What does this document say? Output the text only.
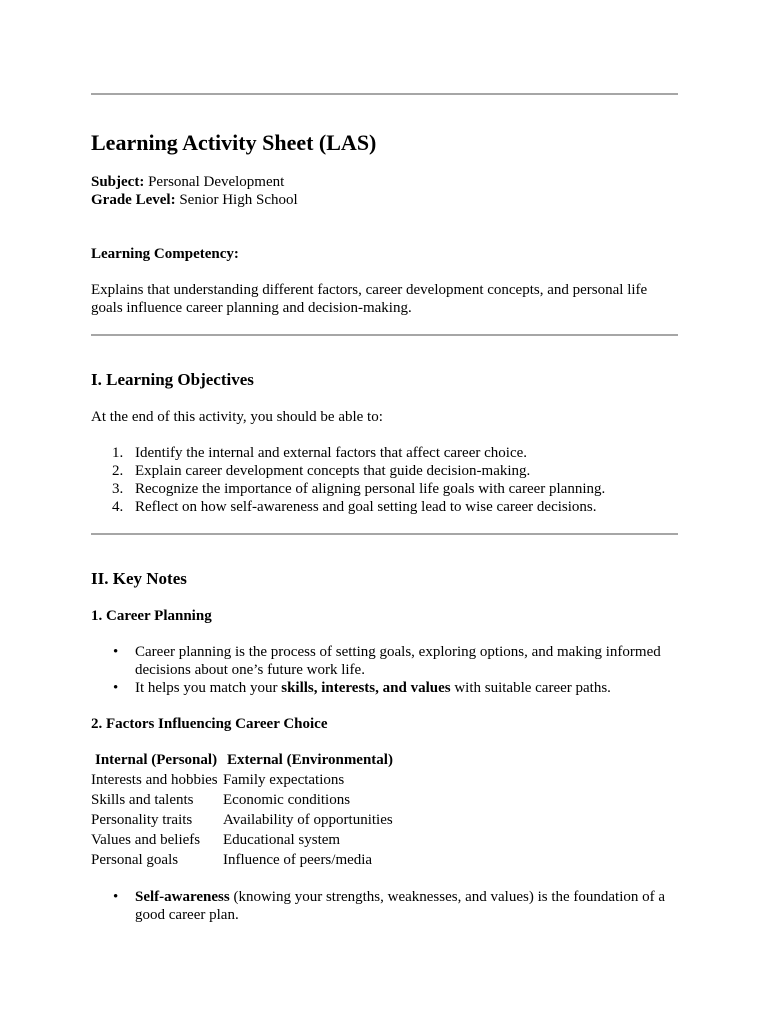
Learning Activity Sheet (LAS)
Subject: Personal Development
Grade Level: Senior High School
Learning Competency:
Explains that understanding different factors, career development concepts, and personal life goals influence career planning and decision-making.
I. Learning Objectives
At the end of this activity, you should be able to:
1. Identify the internal and external factors that affect career choice.
2. Explain career development concepts that guide decision-making.
3. Recognize the importance of aligning personal life goals with career planning.
4. Reflect on how self-awareness and goal setting lead to wise career decisions.
II. Key Notes
1. Career Planning
• Career planning is the process of setting goals, exploring options, and making informed decisions about one’s future work life.
• It helps you match your skills, interests, and values with suitable career paths.
2. Factors Influencing Career Choice
Internal (Personal)	External (Environmental)
Interests and hobbies	Family expectations
Skills and talents	Economic conditions
Personality traits	Availability of opportunities
Values and beliefs	Educational system
Personal goals	Influence of peers/media
• Self-awareness (knowing your strengths, weaknesses, and values) is the foundation of a good career plan.
